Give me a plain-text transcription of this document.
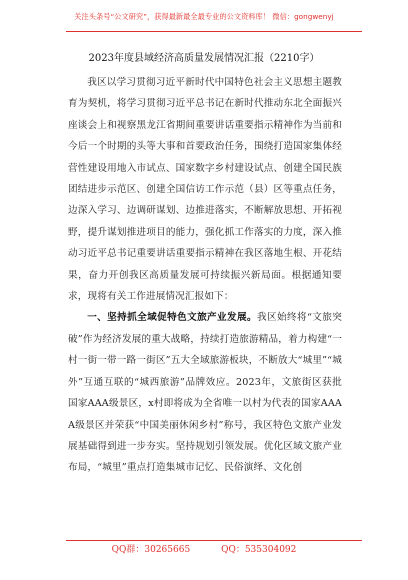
关注头条号“公文研究”，获得最新最全最专业的公文资料库！ 微信：gongwenyj
2023年度县域经济高质量发展情况汇报（2210字）

我区以学习贯彻习近平新时代中国特色社会主义思想主题教育为契机，将学习贯彻习近平总书记在新时代推动东北全面振兴座谈会上和视察黑龙江省期间重要讲话重要指示精神作为当前和今后一个时期的头等大事和首要政治任务，围绕打造国家集体经营性建设用地入市试点、国家数字乡村建设试点、创建全国民族团结进步示范区、创建全国信访工作示范（县）区等重点任务，边深入学习、边调研谋划、边推进落实，不断解放思想、开拓视野，提升谋划推进项目的能力，强化抓工作落实的力度，深入推动习近平总书记重要讲话重要指示精神在我区落地生根、开花结果，奋力开创我区高质量发展可持续振兴新局面。根据通知要求，现将有关工作进展情况汇报如下：

一、坚持抓全域促特色文旅产业发展。我区始终将“文旅突破”作为经济发展的重大战略，持续打造旅游精品，着力构建“一村一街一带一路一街区”五大全域旅游板块，不断放大“城里”“城外”互通互联的“城西旅游”品牌效应。2023年，文旅街区获批国家AAA级景区，x村即将成为全省唯一以村为代表的国家AAAA级景区并荣获“中国美丽休闲乡村”称号，我区特色文旅产业发展基础得到进一步夯实。坚持规划引领发展。优化区域文旅产业布局，“城里”重点打造集城市记忆、民俗演绎、文化创

QQ群：30265665	QQ：535304092
